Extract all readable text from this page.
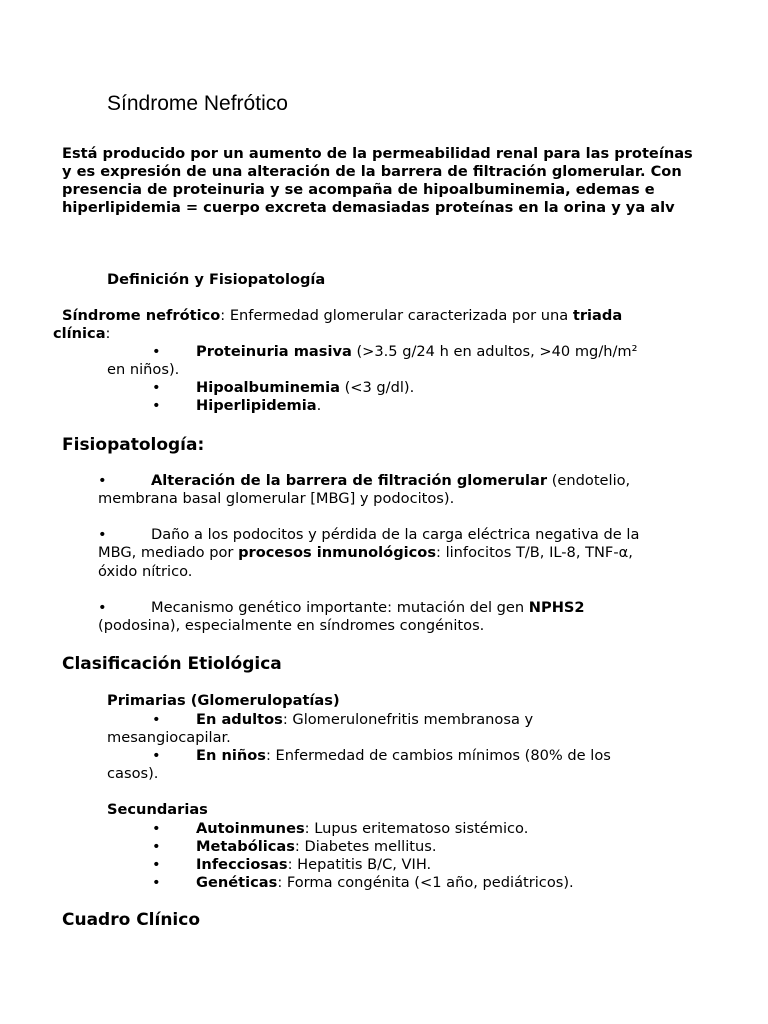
Síndrome Nefrótico
Está producido por un aumento de la permeabilidad renal para las proteínas
y es expresión de una alteración de la barrera de filtración glomerular. Con
presencia de proteinuria y se acompaña de hipoalbuminemia, edemas e
hiperlipidemia = cuerpo excreta demasiadas proteínas en la orina y ya alv
Definición y Fisiopatología
Síndrome nefrótico: Enfermedad glomerular caracterizada por una triada
clínica:
• Proteinuria masiva (>3.5 g/24 h en adultos, >40 mg/h/m²
en niños).
• Hipoalbuminemia (<3 g/dl).
• Hiperlipidemia.
Fisiopatología:
•	Alteración de la barrera de filtración glomerular (endotelio,
membrana basal glomerular [MBG] y podocitos).
•	Daño a los podocitos y pérdida de la carga eléctrica negativa de la
MBG, mediado por procesos inmunológicos: linfocitos T/B, IL-8, TNF-α,
óxido nítrico.
•	Mecanismo genético importante: mutación del gen NPHS2
(podosina), especialmente en síndromes congénitos.
Clasificación Etiológica
Primarias (Glomerulopatías)
• En adultos: Glomerulonefritis membranosa y
mesangiocapilar.
• En niños: Enfermedad de cambios mínimos (80% de los
casos).
Secundarias
• Autoinmunes: Lupus eritematoso sistémico.
• Metabólicas: Diabetes mellitus.
• Infecciosas: Hepatitis B/C, VIH.
• Genéticas: Forma congénita (<1 año, pediátricos).
Cuadro Clínico
